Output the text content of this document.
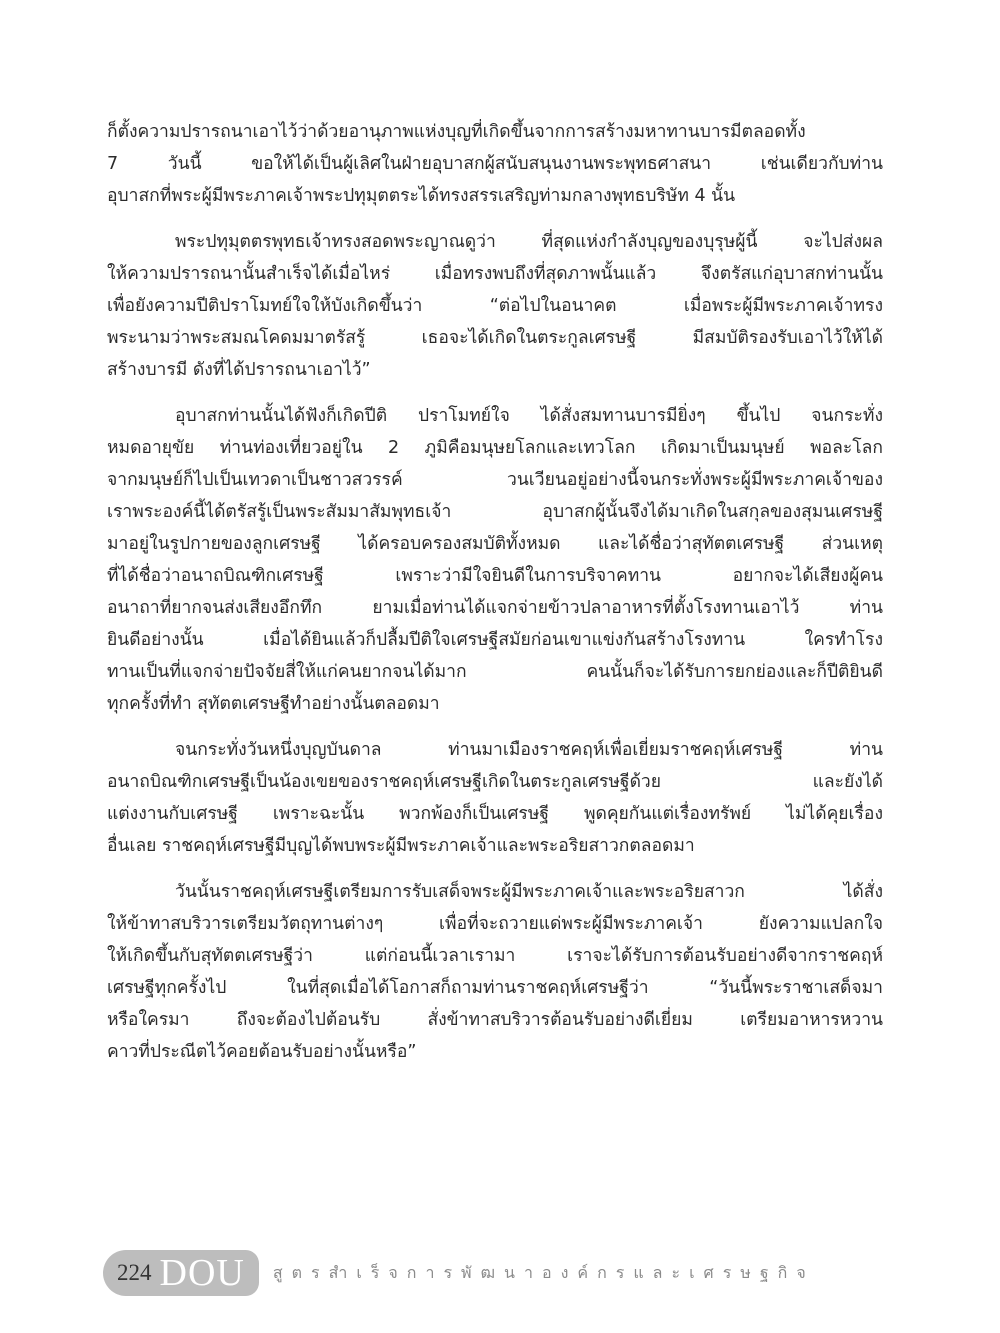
ก็ตั้งความปรารถนาเอาไว้ว่าด้วยอานุภาพแห่งบุญที่เกิดขึ้นจากการสร้างมหาทานบารมีตลอดทั้ง
7 วันนี้ ขอให้ได้เป็นผู้เลิศในฝ่ายอุบาสกผู้สนับสนุนงานพระพุทธศาสนา เช่นเดียวกับท่าน
อุบาสกที่พระผู้มีพระภาคเจ้าพระปทุมุตตระได้ทรงสรรเสริญท่ามกลางพุทธบริษัท 4 นั้น
พระปทุมุตตรพุทธเจ้าทรงสอดพระญาณดูว่า ที่สุดแห่งกำลังบุญของบุรุษผู้นี้ จะไปส่งผล
ให้ความปรารถนานั้นสำเร็จได้เมื่อไหร่ เมื่อทรงพบถึงที่สุดภาพนั้นแล้ว จึงตรัสแก่อุบาสกท่านนั้น
เพื่อยังความปีติปราโมทย์ใจให้บังเกิดขึ้นว่า “ต่อไปในอนาคต เมื่อพระผู้มีพระภาคเจ้าทรง
พระนามว่าพระสมณโคดมมาตรัสรู้ เธอจะได้เกิดในตระกูลเศรษฐี มีสมบัติรองรับเอาไว้ให้ได้
สร้างบารมี ดังที่ได้ปรารถนาเอาไว้”
อุบาสกท่านนั้นได้ฟังก็เกิดปีติ ปราโมทย์ใจ ได้สั่งสมทานบารมียิ่งๆ ขึ้นไป จนกระทั่ง
หมดอายุขัย ท่านท่องเที่ยวอยู่ใน 2 ภูมิคือมนุษยโลกและเทวโลก เกิดมาเป็นมนุษย์ พอละโลก
จากมนุษย์ก็ไปเป็นเทวดาเป็นชาวสวรรค์ วนเวียนอยู่อย่างนี้จนกระทั่งพระผู้มีพระภาคเจ้าของ
เราพระองค์นี้ได้ตรัสรู้เป็นพระสัมมาสัมพุทธเจ้า อุบาสกผู้นั้นจึงได้มาเกิดในสกุลของสุมนเศรษฐี
มาอยู่ในรูปกายของลูกเศรษฐี ได้ครอบครองสมบัติทั้งหมด และได้ชื่อว่าสุทัตตเศรษฐี ส่วนเหตุ
ที่ได้ชื่อว่าอนาถบิณฑิกเศรษฐี เพราะว่ามีใจยินดีในการบริจาคทาน อยากจะได้เสียงผู้คน
อนาถาที่ยากจนส่งเสียงอึกทึก ยามเมื่อท่านได้แจกจ่ายข้าวปลาอาหารที่ตั้งโรงทานเอาไว้ ท่าน
ยินดีอย่างนั้น เมื่อได้ยินแล้วก็ปลื้มปีติใจเศรษฐีสมัยก่อนเขาแข่งกันสร้างโรงทาน ใครทำโรง
ทานเป็นที่แจกจ่ายปัจจัยสี่ให้แก่คนยากจนได้มาก คนนั้นก็จะได้รับการยกย่องและก็ปีติยินดี
ทุกครั้งที่ทำ สุทัตตเศรษฐีทำอย่างนั้นตลอดมา
จนกระทั่งวันหนึ่งบุญบันดาล ท่านมาเมืองราชคฤห์เพื่อเยี่ยมราชคฤห์เศรษฐี ท่าน
อนาถบิณฑิกเศรษฐีเป็นน้องเขยของราชคฤห์เศรษฐีเกิดในตระกูลเศรษฐีด้วย และยังได้
แต่งงานกับเศรษฐี เพราะฉะนั้น พวกพ้องก็เป็นเศรษฐี พูดคุยกันแต่เรื่องทรัพย์ ไม่ได้คุยเรื่อง
อื่นเลย ราชคฤห์เศรษฐีมีบุญได้พบพระผู้มีพระภาคเจ้าและพระอริยสาวกตลอดมา
วันนั้นราชคฤห์เศรษฐีเตรียมการรับเสด็จพระผู้มีพระภาคเจ้าและพระอริยสาวก ได้สั่ง
ให้ข้าทาสบริวารเตรียมวัตถุทานต่างๆ เพื่อที่จะถวายแด่พระผู้มีพระภาคเจ้า ยังความแปลกใจ
ให้เกิดขึ้นกับสุทัตตเศรษฐีว่า แต่ก่อนนี้เวลาเรามา เราจะได้รับการต้อนรับอย่างดีจากราชคฤห์
เศรษฐีทุกครั้งไป ในที่สุดเมื่อได้โอกาสก็ถามท่านราชคฤห์เศรษฐีว่า “วันนี้พระราชาเสด็จมา
หรือใครมา ถึงจะต้องไปต้อนรับ สั่งข้าทาสบริวารต้อนรับอย่างดีเยี่ยม เตรียมอาหารหวาน
คาวที่ประณีตไว้คอยต้อนรับอย่างนั้นหรือ”
224 DOU สูตรสำเร็จการพัฒนาองค์กรและเศรษฐกิจ
